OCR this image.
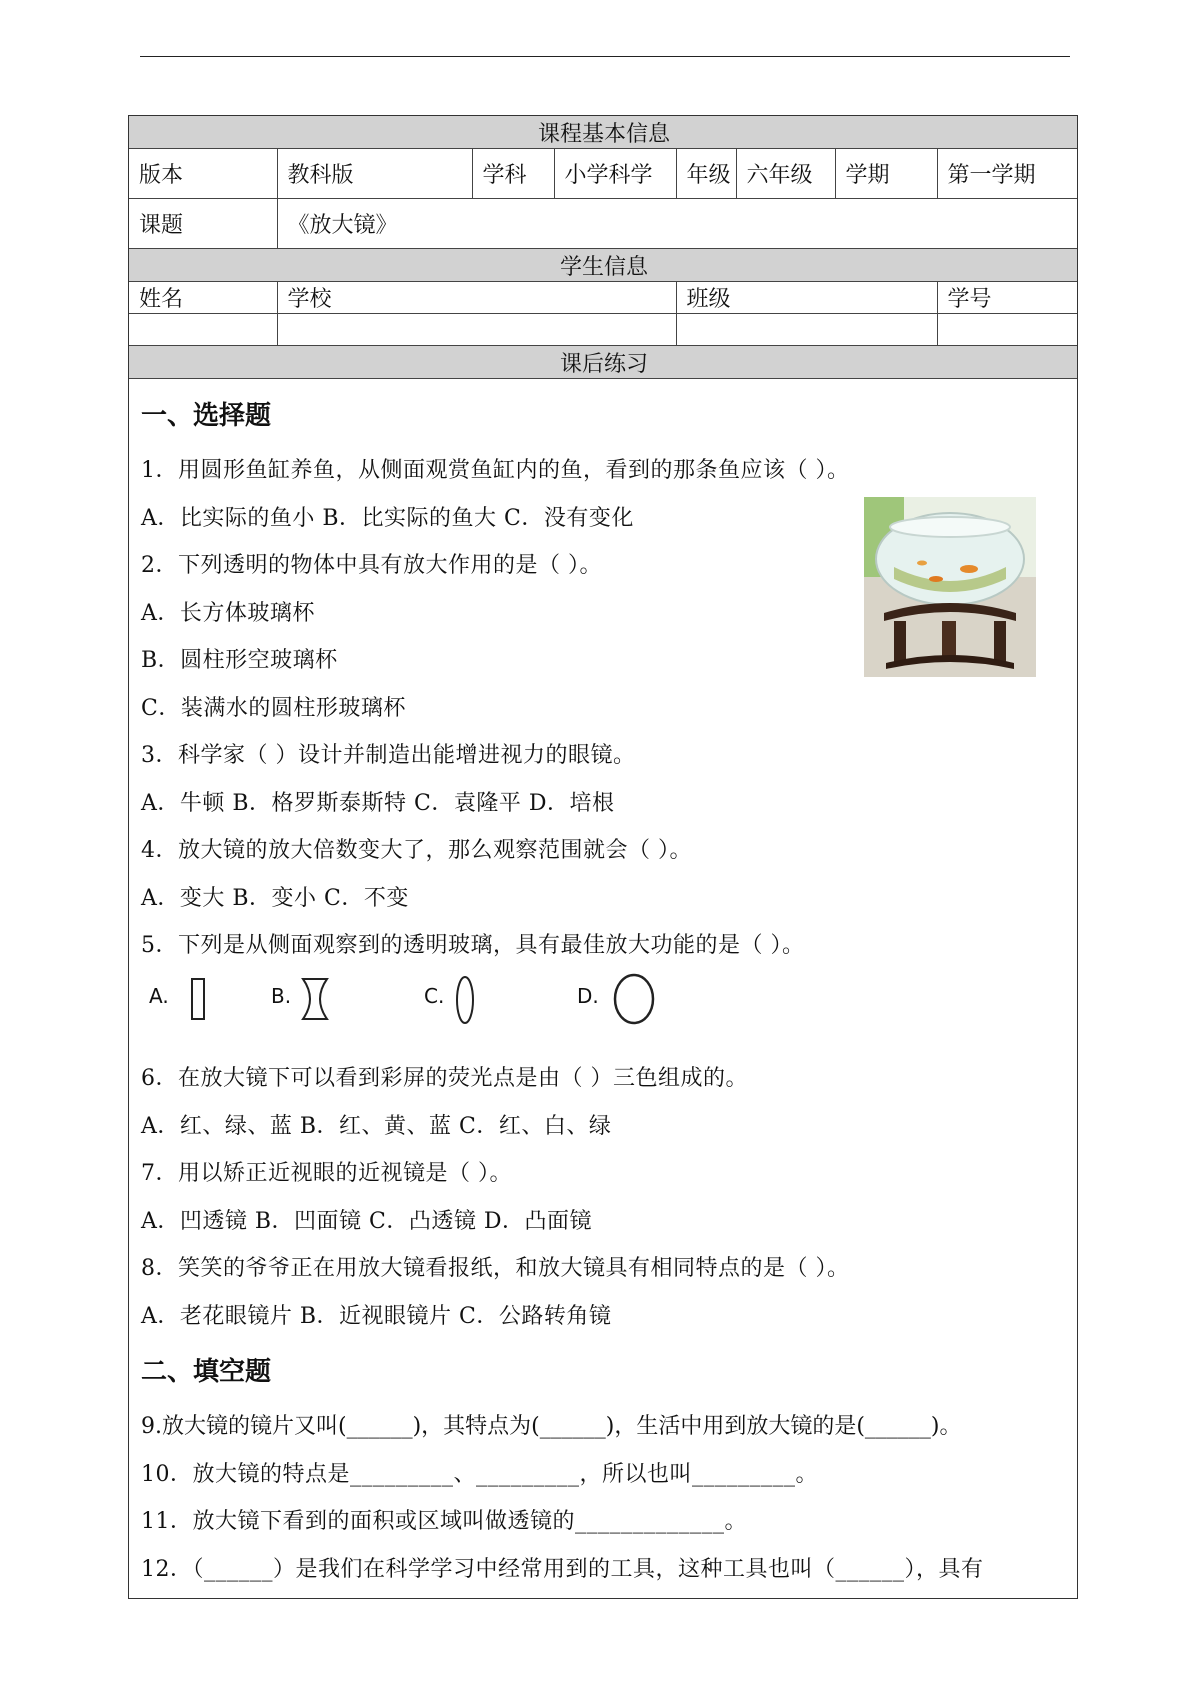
课程基本信息							
版本	教科版	学科	小学科学	年级	六年级	学期	第一学期
课题	《放大镜》						
学生信息							
姓名	学校			班级			学号

课后练习							
一、选择题
1．用圆形鱼缸养鱼，从侧面观赏鱼缸内的鱼，看到的那条鱼应该（ ）。
A．比实际的鱼小 B．比实际的鱼大 C．没有变化
2．下列透明的物体中具有放大作用的是（ ）。
A．长方体玻璃杯
B．圆柱形空玻璃杯
C．装满水的圆柱形玻璃杯
3．科学家（ ）设计并制造出能增进视力的眼镜。
A．牛顿 B．格罗斯泰斯特 C．袁隆平 D．培根
4．放大镜的放大倍数变大了，那么观察范围就会（ ）。
A．变大 B．变小 C．不变
5．下列是从侧面观察到的透明玻璃，具有最佳放大功能的是（ ）。
A.	B.	C.	D.
6．在放大镜下可以看到彩屏的荧光点是由（ ）三色组成的。
A．红、绿、蓝 B．红、黄、蓝 C．红、白、绿
7．用以矫正近视眼的近视镜是（ ）。
A．凹透镜 B．凹面镜 C．凸透镜 D．凸面镜
8．笑笑的爷爷正在用放大镜看报纸，和放大镜具有相同特点的是（ ）。
A．老花眼镜片 B．近视眼镜片 C．公路转角镜
二、填空题
9.放大镜的镜片又叫(______)，其特点为(______)，生活中用到放大镜的是(______)。
10．放大镜的特点是_________、_________，所以也叫_________。
11．放大镜下看到的面积或区域叫做透镜的_____________。
12．（______）是我们在科学学习中经常用到的工具，这种工具也叫（______），具有
